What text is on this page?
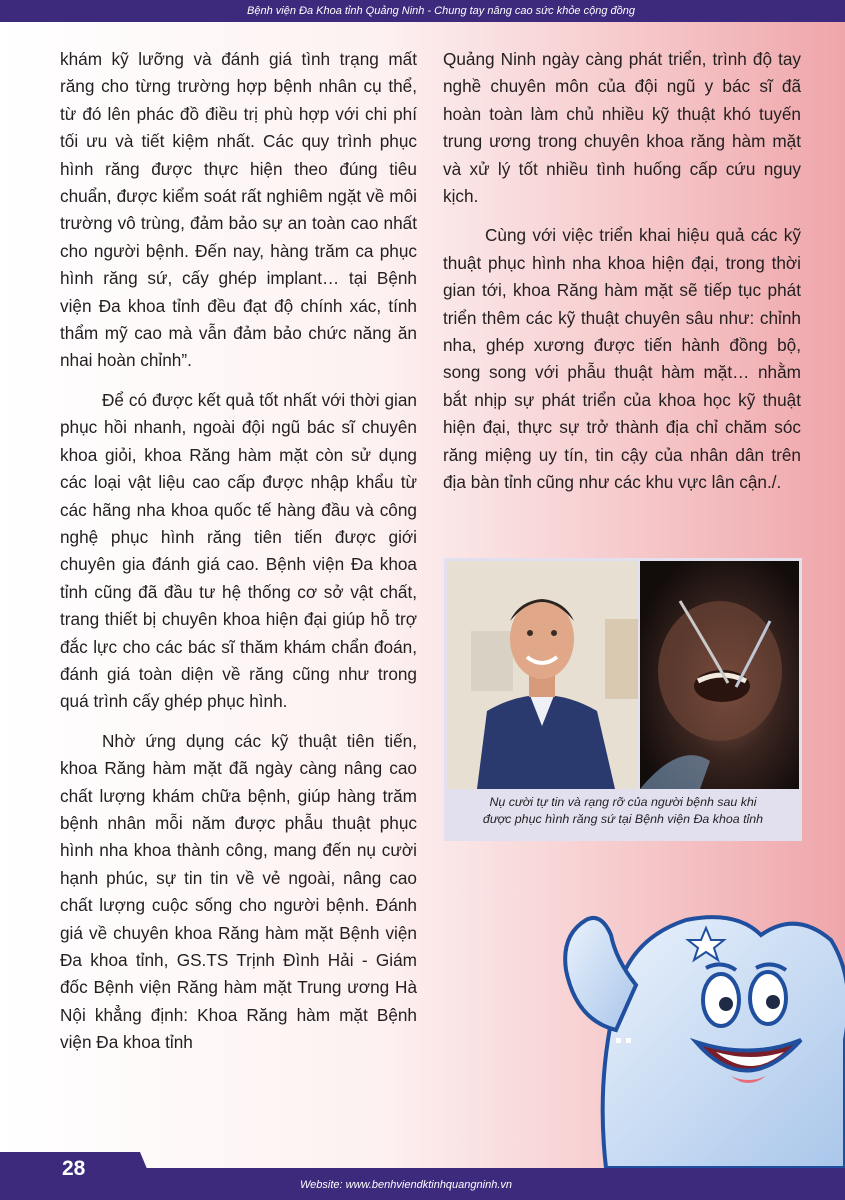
Bệnh viện Đa Khoa tỉnh Quảng Ninh - Chung tay nâng cao sức khỏe cộng đồng

khám kỹ lưỡng và đánh giá tình trạng mất răng cho từng trường hợp bệnh nhân cụ thể, từ đó lên phác đồ điều trị phù hợp với chi phí tối ưu và tiết kiệm nhất. Các quy trình phục hình răng được thực hiện theo đúng tiêu chuẩn, được kiểm soát rất nghiêm ngặt về môi trường vô trùng, đảm bảo sự an toàn cao nhất cho người bệnh. Đến nay, hàng trăm ca phục hình răng sứ, cấy ghép implant… tại Bệnh viện Đa khoa tỉnh đều đạt độ chính xác, tính thẩm mỹ cao mà vẫn đảm bảo chức năng ăn nhai hoàn chỉnh”.

Để có được kết quả tốt nhất với thời gian phục hồi nhanh, ngoài đội ngũ bác sĩ chuyên khoa giỏi, khoa Răng hàm mặt còn sử dụng các loại vật liệu cao cấp được nhập khẩu từ các hãng nha khoa quốc tế hàng đầu và công nghệ phục hình răng tiên tiến được giới chuyên gia đánh giá cao. Bệnh viện Đa khoa tỉnh cũng đã đầu tư hệ thống cơ sở vật chất, trang thiết bị chuyên khoa hiện đại giúp hỗ trợ đắc lực cho các bác sĩ thăm khám chẩn đoán, đánh giá toàn diện về răng cũng như trong quá trình cấy ghép phục hình.

Nhờ ứng dụng các kỹ thuật tiên tiến, khoa Răng hàm mặt đã ngày càng nâng cao chất lượng khám chữa bệnh, giúp hàng trăm bệnh nhân mỗi năm được phẫu thuật phục hình nha khoa thành công, mang đến nụ cười hạnh phúc, sự tin tin về vẻ ngoài, nâng cao chất lượng cuộc sống cho người bệnh. Đánh giá về chuyên khoa Răng hàm mặt Bệnh viện Đa khoa tỉnh, GS.TS Trịnh Đình Hải - Giám đốc Bệnh viện Răng hàm mặt Trung ương Hà Nội khẳng định: Khoa Răng hàm mặt Bệnh viện Đa khoa tỉnh

Quảng Ninh ngày càng phát triển, trình độ tay nghề chuyên môn của đội ngũ y bác sĩ đã hoàn toàn làm chủ nhiều kỹ thuật khó tuyến trung ương trong chuyên khoa răng hàm mặt và xử lý tốt nhiều tình huống cấp cứu nguy kịch.

Cùng với việc triển khai hiệu quả các kỹ thuật phục hình nha khoa hiện đại, trong thời gian tới, khoa Răng hàm mặt sẽ tiếp tục phát triển thêm các kỹ thuật chuyên sâu như: chỉnh nha, ghép xương được tiến hành đồng bộ, song song với phẫu thuật hàm mặt… nhằm bắt nhịp sự phát triển của khoa học kỹ thuật hiện đại, thực sự trở thành địa chỉ chăm sóc răng miệng uy tín, tin cậy của nhân dân trên địa bàn tỉnh cũng như các khu vực lân cận./.

Nụ cười tự tin và rạng rỡ của người bệnh sau khi
được phục hình răng sứ tại Bệnh viện Đa khoa tỉnh
28
Website: www.benhviendktinhquangninh.vn
